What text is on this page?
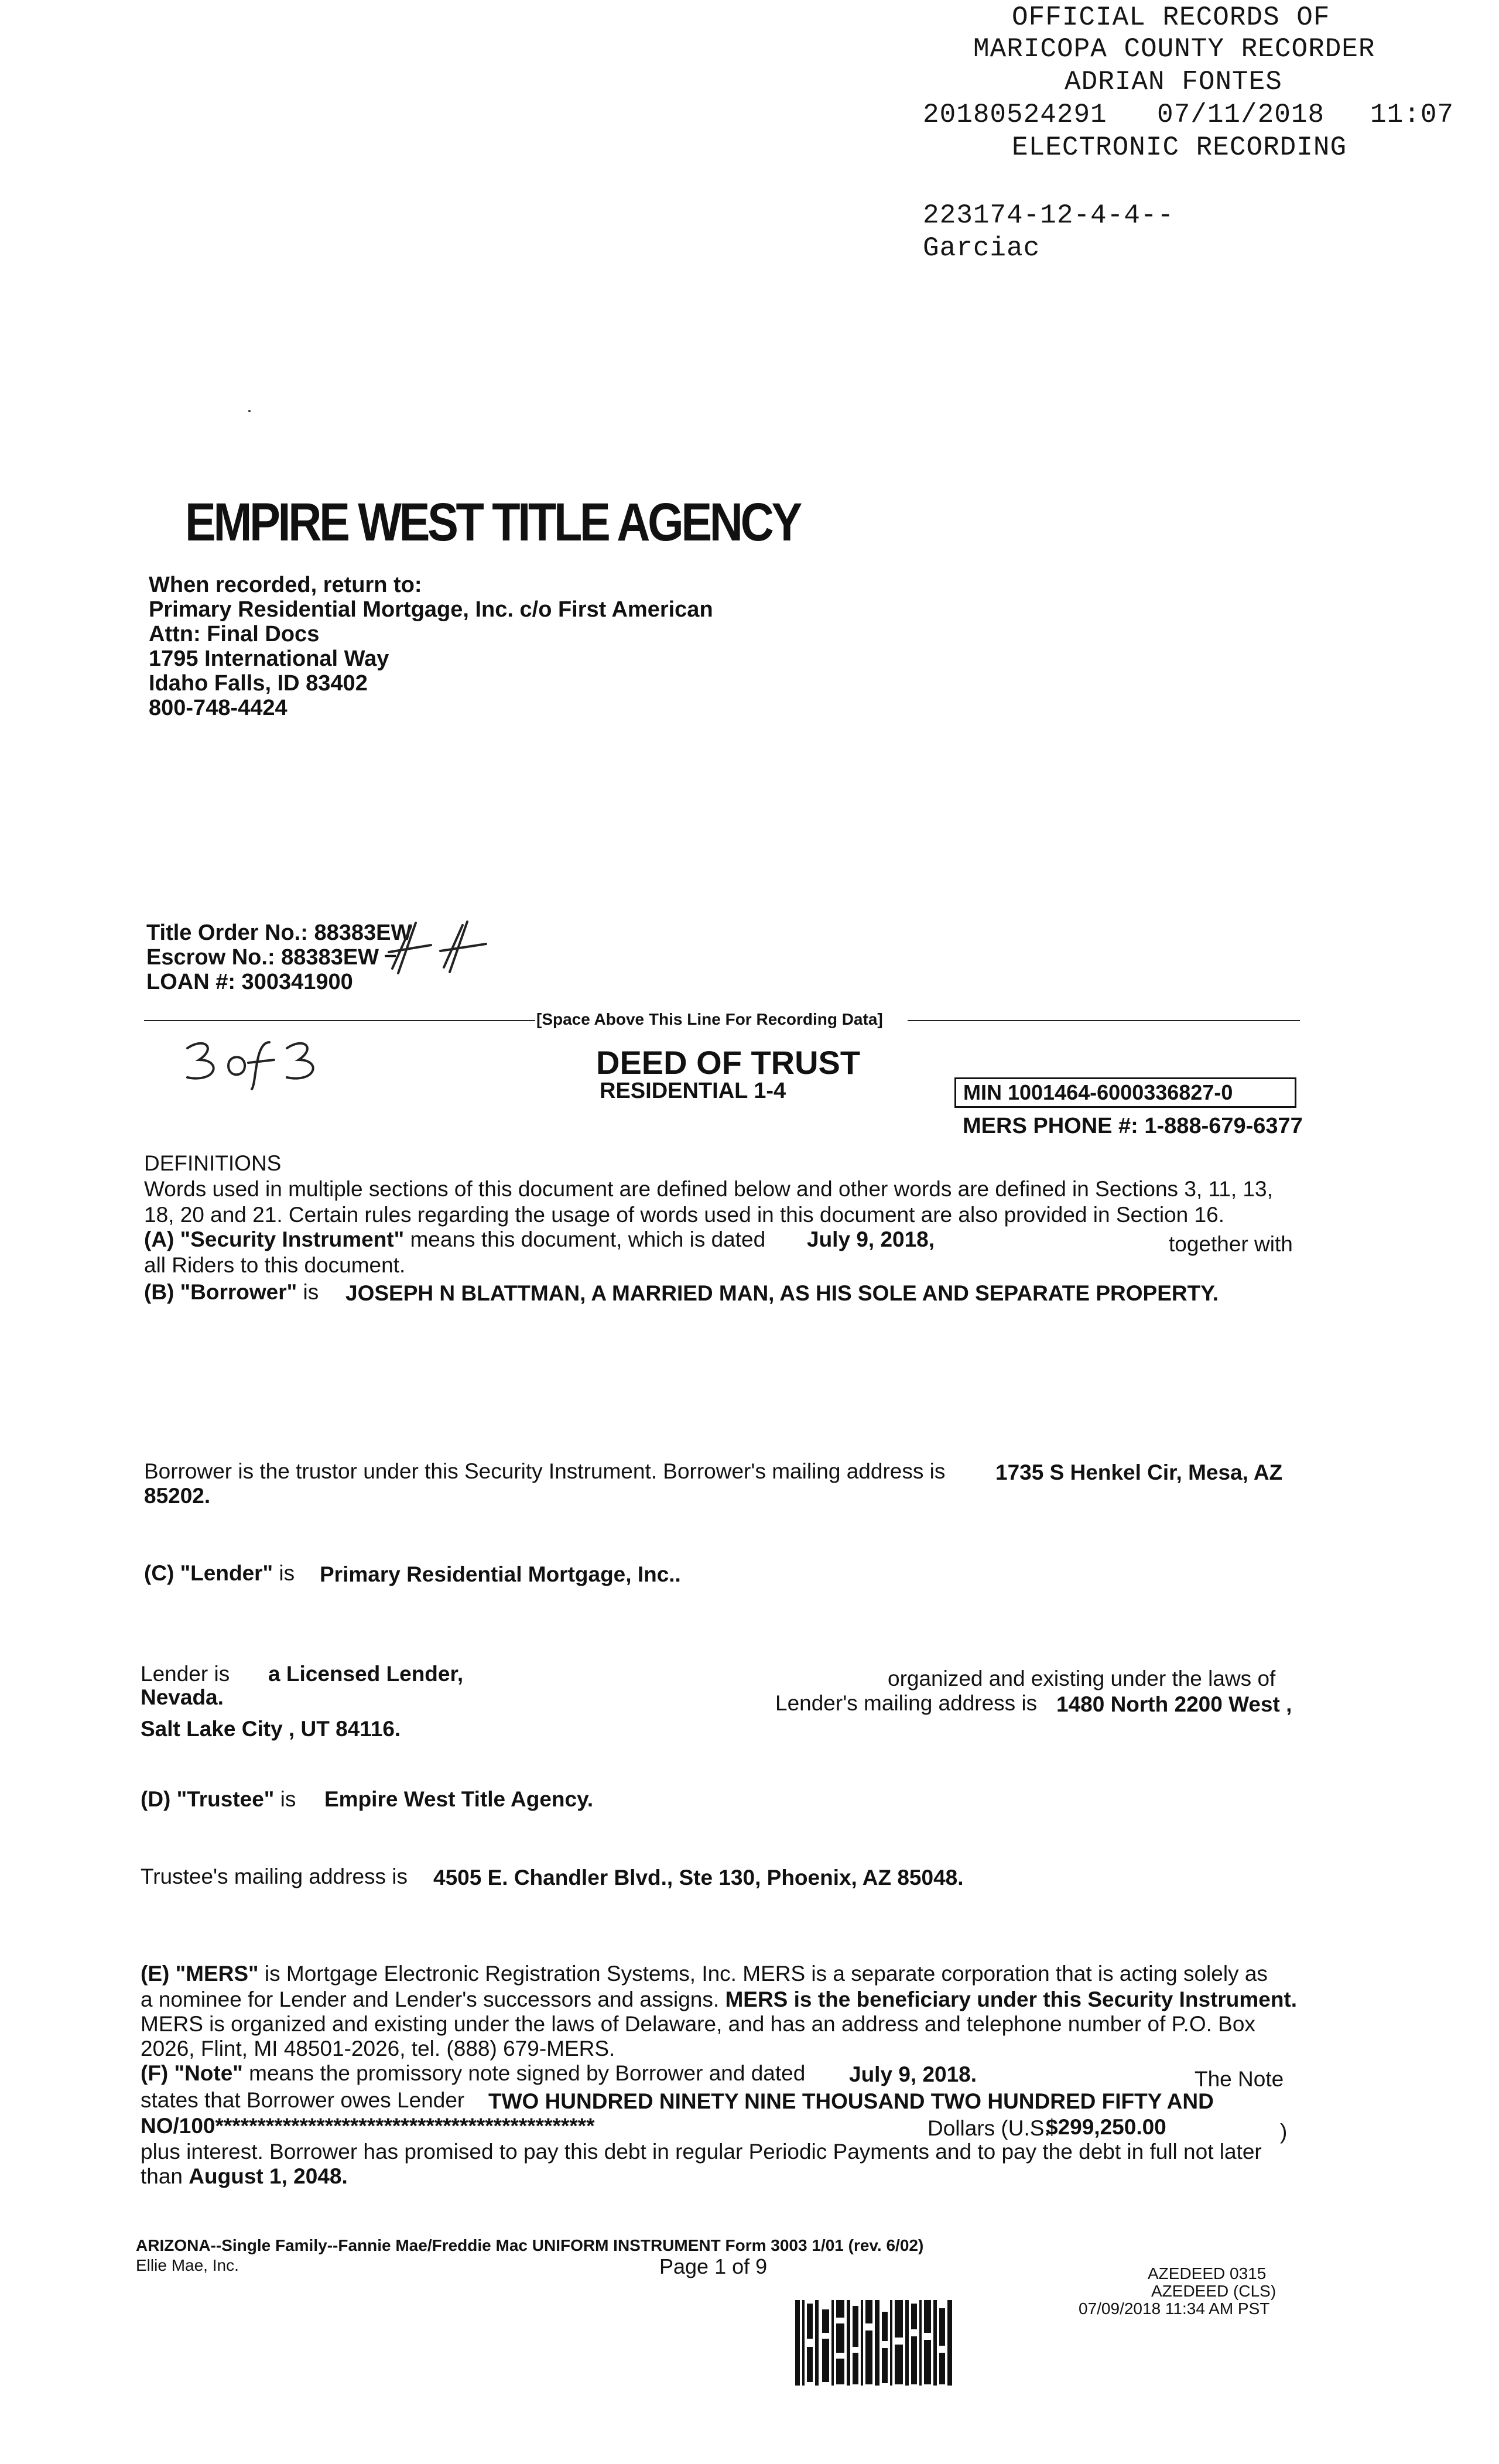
OFFICIAL RECORDS OF
MARICOPA COUNTY RECORDER
ADRIAN FONTES
20180524291 07/11/2018 11:07
ELECTRONIC RECORDING
223174-12-4-4--
Garciac
EMPIRE WEST TITLE AGENCY
When recorded, return to:
Primary Residential Mortgage, Inc. c/o First American
Attn: Final Docs
1795 International Way
Idaho Falls, ID 83402
800-748-4424
Title Order No.: 88383EW
Escrow No.: 88383EW –
LOAN #: 300341900
[Space Above This Line For Recording Data]
DEED OF TRUST
RESIDENTIAL 1-4	MIN 1001464-6000336827-0
MERS PHONE #: 1-888-679-6377
DEFINITIONS
Words used in multiple sections of this document are defined below and other words are defined in Sections 3, 11, 13,
18, 20 and 21. Certain rules regarding the usage of words used in this document are also provided in Section 16.
(A) "Security Instrument" means this document, which is dated July 9, 2018,	together with
all Riders to this document.
(B) "Borrower" is JOSEPH N BLATTMAN, A MARRIED MAN, AS HIS SOLE AND SEPARATE PROPERTY.
Borrower is the trustor under this Security Instrument. Borrower's mailing address is 1735 S Henkel Cir, Mesa, AZ
85202.
(C) "Lender" is Primary Residential Mortgage, Inc..
Lender is a Licensed Lender,	organized and existing under the laws of
Nevada.	Lender's mailing address is 1480 North 2200 West ,
Salt Lake City , UT 84116.
(D) "Trustee" is Empire West Title Agency.
Trustee's mailing address is 4505 E. Chandler Blvd., Ste 130, Phoenix, AZ 85048.
(E) "MERS" is Mortgage Electronic Registration Systems, Inc. MERS is a separate corporation that is acting solely as
a nominee for Lender and Lender's successors and assigns. MERS is the beneficiary under this Security Instrument.
MERS is organized and existing under the laws of Delaware, and has an address and telephone number of P.O. Box
2026, Flint, MI 48501-2026, tel. (888) 679-MERS.
(F) "Note" means the promissory note signed by Borrower and dated July 9, 2018.	The Note
states that Borrower owes Lender TWO HUNDRED NINETY NINE THOUSAND TWO HUNDRED FIFTY AND
NO/100*********************************************	Dollars (U.S.
$299,250.00	)
plus interest. Borrower has promised to pay this debt in regular Periodic Payments and to pay the debt in full not later
than August 1, 2048.
ARIZONA--Single Family--Fannie Mae/Freddie Mac UNIFORM INSTRUMENT Form 3003 1/01 (rev. 6/02)
Ellie Mae, Inc.	Page 1 of 9	AZEDEED 0315
AZEDEED (CLS)
07/09/2018 11:34 AM PST
